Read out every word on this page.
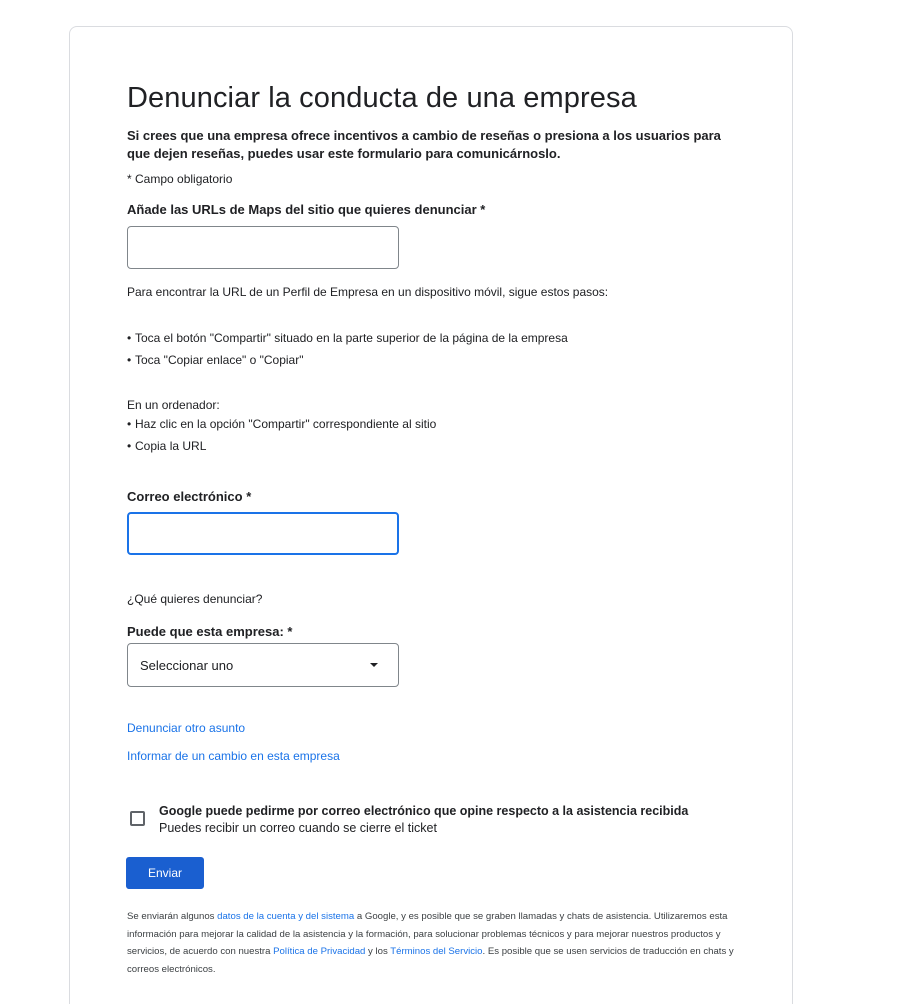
Denunciar la conducta de una empresa

Si crees que una empresa ofrece incentivos a cambio de reseñas o presiona a los usuarios para que dejen reseñas, puedes usar este formulario para comunicárnoslo.

* Campo obligatorio

Añade las URLs de Maps del sitio que quieres denunciar *

Para encontrar la URL de un Perfil de Empresa en un dispositivo móvil, sigue estos pasos:

• Toca el botón "Compartir" situado en la parte superior de la página de la empresa
• Toca "Copiar enlace" o "Copiar"

En un ordenador:

• Haz clic en la opción "Compartir" correspondiente al sitio
• Copia la URL
Correo electrónico *

¿Qué quieres denunciar?

Puede que esta empresa: *
Seleccionar uno
Denunciar otro asunto
Informar de un cambio en esta empresa

Google puede pedirme por correo electrónico que opine respecto a la asistencia recibida

Puedes recibir un correo cuando se cierre el ticket

Enviar

Se enviarán algunos datos de la cuenta y del sistema a Google, y es posible que se graben llamadas y chats de asistencia. Utilizaremos esta información para mejorar la calidad de la asistencia y la formación, para solucionar problemas técnicos y para mejorar nuestros productos y servicios, de acuerdo con nuestra Política de Privacidad y los Términos del Servicio. Es posible que se usen servicios de traducción en chats y correos electrónicos.
